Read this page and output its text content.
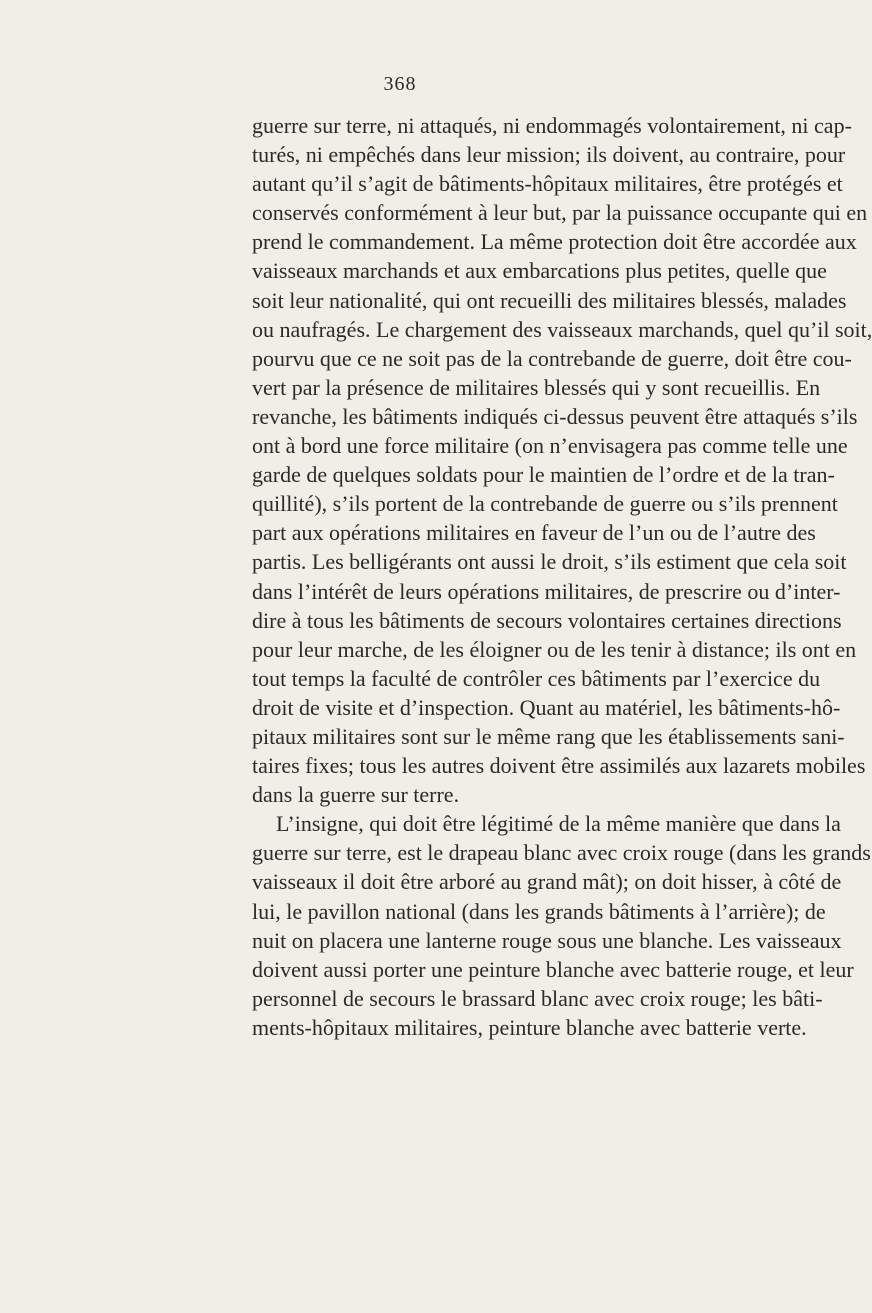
368
guerre sur terre, ni attaqués, ni endommagés volontairement, ni cap-
turés, ni empêchés dans leur mission; ils doivent, au contraire, pour
autant qu’il s’agit de bâtiments-hôpitaux militaires, être protégés et
conservés conformément à leur but, par la puissance occupante qui en
prend le commandement. La même protection doit être accordée aux
vaisseaux marchands et aux embarcations plus petites, quelle que
soit leur nationalité, qui ont recueilli des militaires blessés, malades
ou naufragés. Le chargement des vaisseaux marchands, quel qu’il soit,
pourvu que ce ne soit pas de la contrebande de guerre, doit être cou-
vert par la présence de militaires blessés qui y sont recueillis. En
revanche, les bâtiments indiqués ci-dessus peuvent être attaqués s’ils
ont à bord une force militaire (on n’envisagera pas comme telle une
garde de quelques soldats pour le maintien de l’ordre et de la tran-
quillité), s’ils portent de la contrebande de guerre ou s’ils prennent
part aux opérations militaires en faveur de l’un ou de l’autre des
partis. Les belligérants ont aussi le droit, s’ils estiment que cela soit
dans l’intérêt de leurs opérations militaires, de prescrire ou d’inter-
dire à tous les bâtiments de secours volontaires certaines directions
pour leur marche, de les éloigner ou de les tenir à distance; ils ont en
tout temps la faculté de contrôler ces bâtiments par l’exercice du
droit de visite et d’inspection. Quant au matériel, les bâtiments-hô-
pitaux militaires sont sur le même rang que les établissements sani-
taires fixes; tous les autres doivent être assimilés aux lazarets mobiles
dans la guerre sur terre.
L’insigne, qui doit être légitimé de la même manière que dans la
guerre sur terre, est le drapeau blanc avec croix rouge (dans les grands
vaisseaux il doit être arboré au grand mât); on doit hisser, à côté de
lui, le pavillon national (dans les grands bâtiments à l’arrière); de
nuit on placera une lanterne rouge sous une blanche. Les vaisseaux
doivent aussi porter une peinture blanche avec batterie rouge, et leur
personnel de secours le brassard blanc avec croix rouge; les bâti-
ments-hôpitaux militaires, peinture blanche avec batterie verte.
